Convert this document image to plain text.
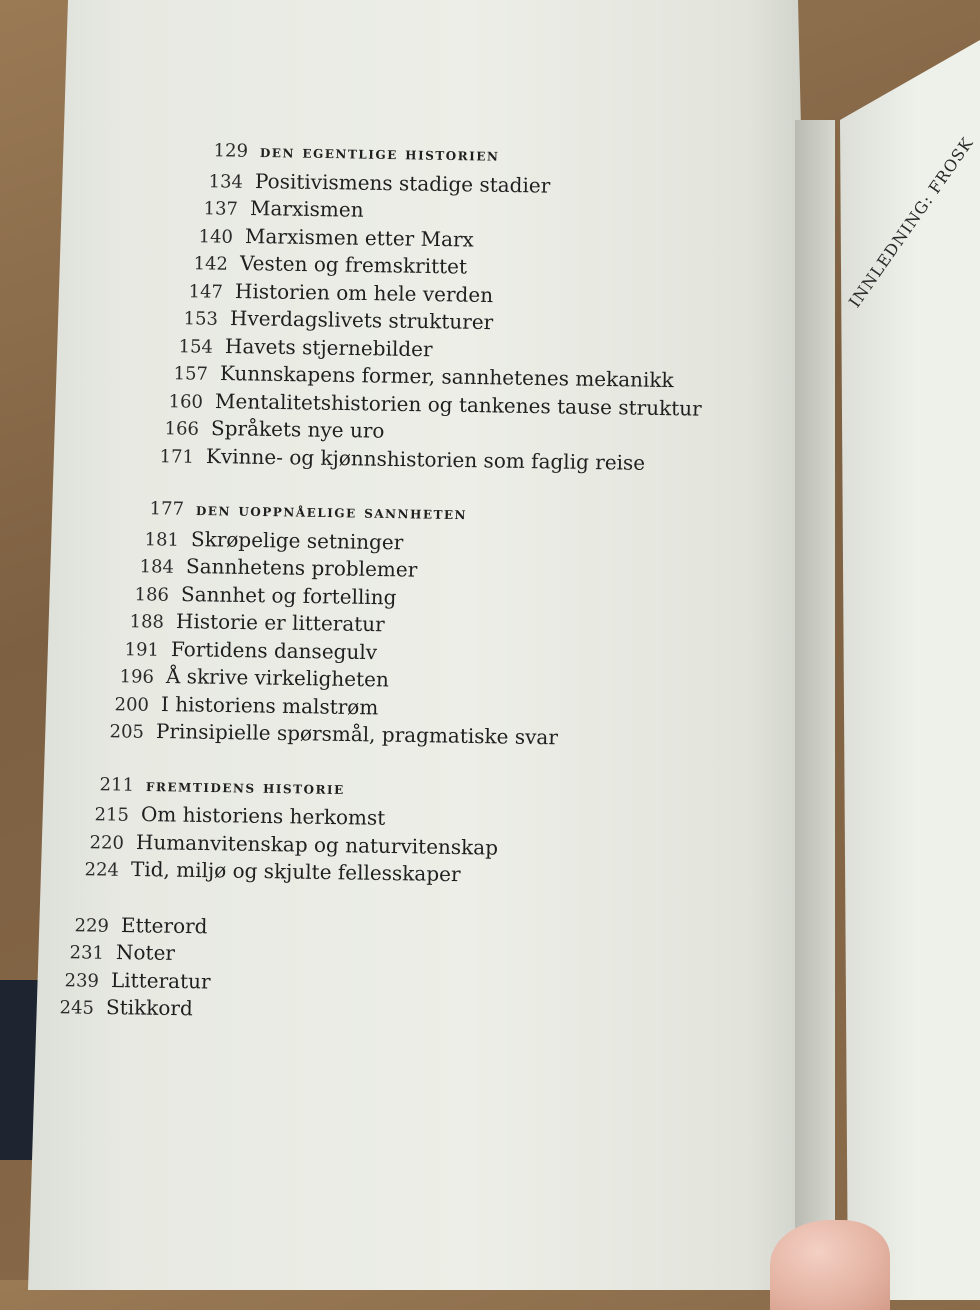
INNLEDNING: FROSK
129 den egentlige historien
134 Positivismens stadige stadier
137 Marxismen
140 Marxismen etter Marx
142 Vesten og fremskrittet
147 Historien om hele verden
153 Hverdagslivets strukturer
154 Havets stjernebilder
157 Kunnskapens former, sannhetenes mekanikk
160 Mentalitetshistorien og tankenes tause struktur
166 Språkets nye uro
171 Kvinne- og kjønnshistorien som faglig reise
177 den uoppnåelige sannheten
181 Skrøpelige setninger
184 Sannhetens problemer
186 Sannhet og fortelling
188 Historie er litteratur
191 Fortidens dansegulv
196 Å skrive virkeligheten
200 I historiens malstrøm
205 Prinsipielle spørsmål, pragmatiske svar
211 fremtidens historie
215 Om historiens herkomst
220 Humanvitenskap og naturvitenskap
224 Tid, miljø og skjulte fellesskaper
229 Etterord
231 Noter
239 Litteratur
245 Stikkord
